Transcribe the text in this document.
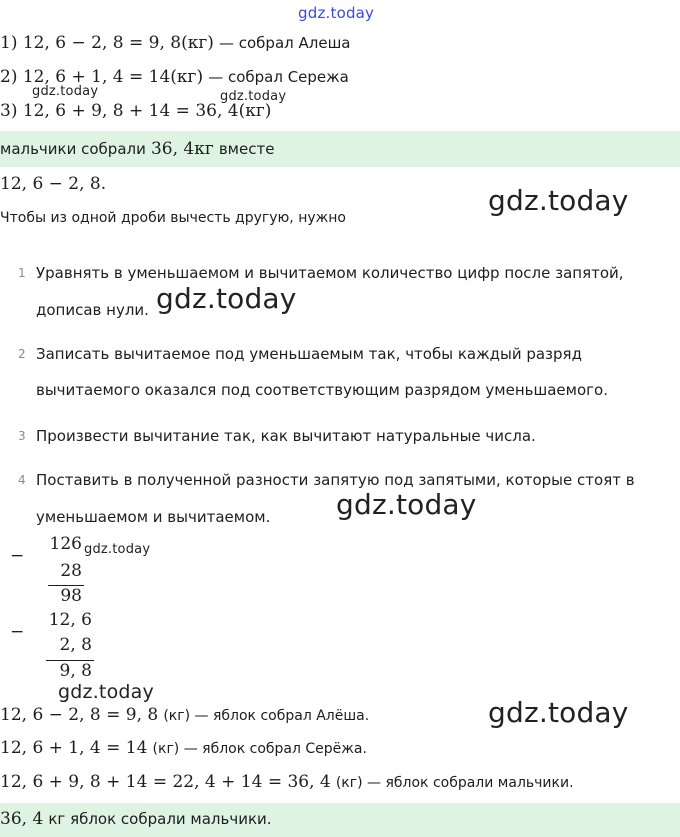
gdz.today
1) 12, 6 − 2, 8 = 9, 8(кг) — собрал Алеша
2) 12, 6 + 1, 4 = 14(кг) — собрал Сережа
gdz.today	gdz.today
3) 12, 6 + 9, 8 + 14 = 36, 4(кг)
мальчики собрали 36, 4кг вместе
12, 6 − 2, 8.
Чтобы из одной дроби вычесть другую, нужно
gdz.today
1 Уравнять в уменьшаемом и вычитаемом количество цифр после запятой,
дописав нули. gdz.today
2 Записать вычитаемое под уменьшаемым так, чтобы каждый разряд
вычитаемого оказался под соответствующим разрядом уменьшаемого.
3 Произвести вычитание так, как вычитают натуральные числа.
4 Поставить в полученной разности запятую под запятыми, которые стоят в
уменьшаемом и вычитаемом. gdz.today
−
126 gdz.today
28
98
−
12, 6
2, 8
9, 8
gdz.today
12, 6 − 2, 8 = 9, 8 (кг) — яблок собрал Алёша.	gdz.today
12, 6 + 1, 4 = 14 (кг) — яблок собрал Серёжа.
12, 6 + 9, 8 + 14 = 22, 4 + 14 = 36, 4 (кг) — яблок собрали мальчики.
36, 4 кг яблок собрали мальчики.
